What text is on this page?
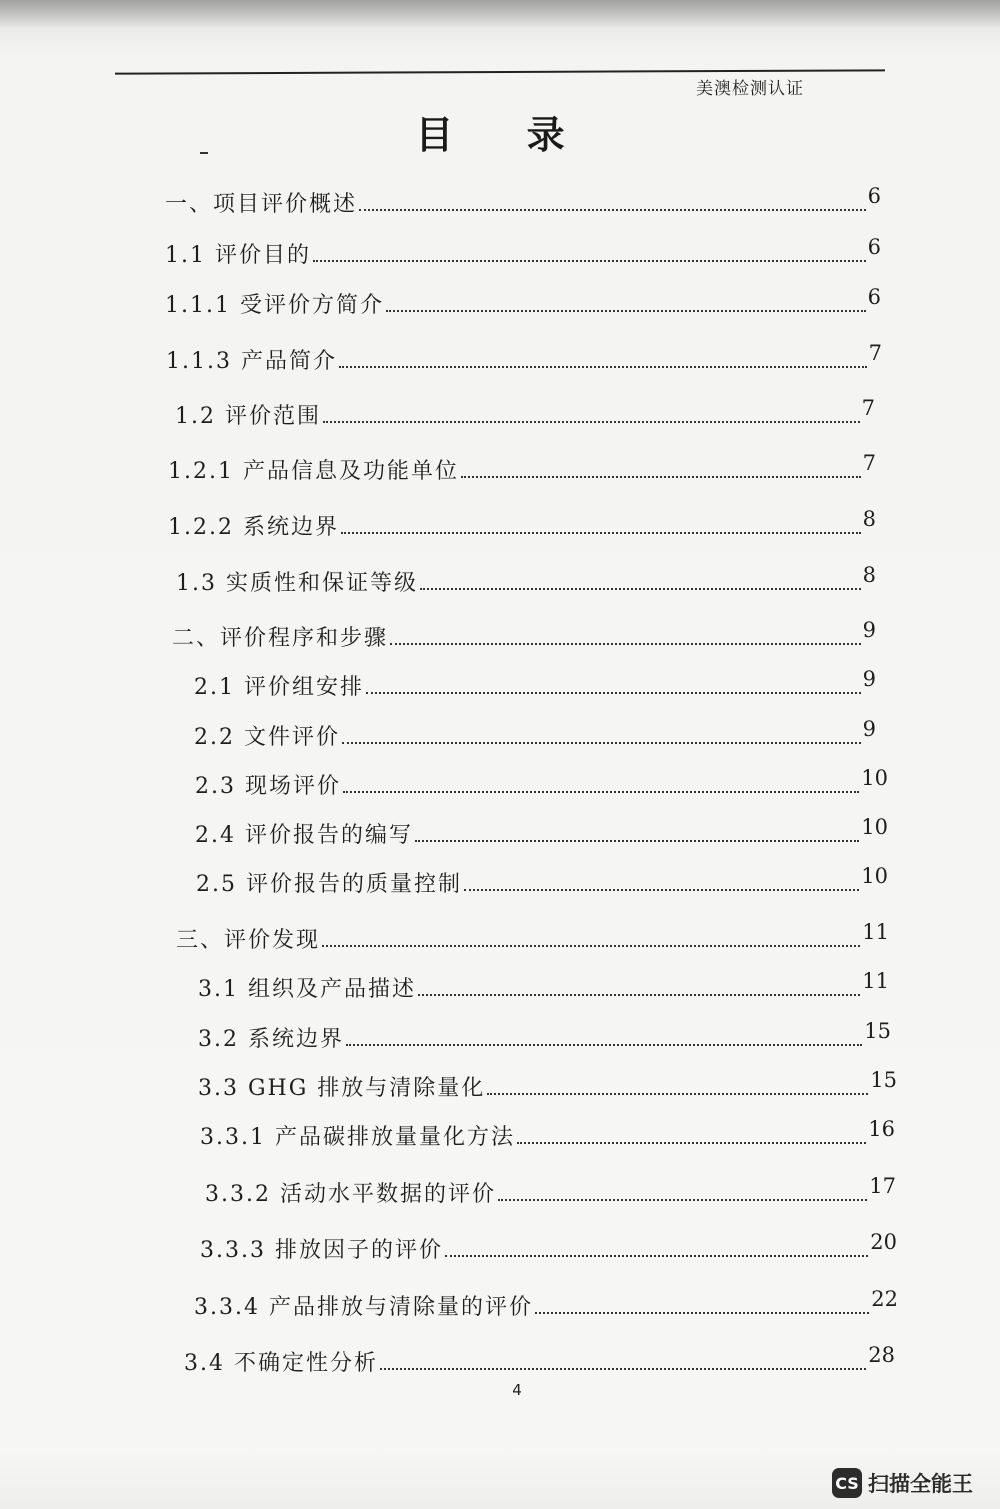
美澳检测认证
目 录
一、项目评价概述	6
1.1 评价目的	6
1.1.1 受评价方简介	6
1.1.3 产品简介	7
1.2 评价范围	7
1.2.1 产品信息及功能单位	7
1.2.2 系统边界	8
1.3 实质性和保证等级	8
二、评价程序和步骤	9
2.1 评价组安排	9
2.2 文件评价	9
2.3 现场评价	10
2.4 评价报告的编写	10
2.5 评价报告的质量控制	10
三、评价发现	11
3.1 组织及产品描述	11
3.2 系统边界	15
3.3 GHG 排放与清除量化	15
3.3.1 产品碳排放量量化方法	16
3.3.2 活动水平数据的评价	17
3.3.3 排放因子的评价	20
3.3.4 产品排放与清除量的评价	22
3.4 不确定性分析	28
4
CS 扫描全能王
